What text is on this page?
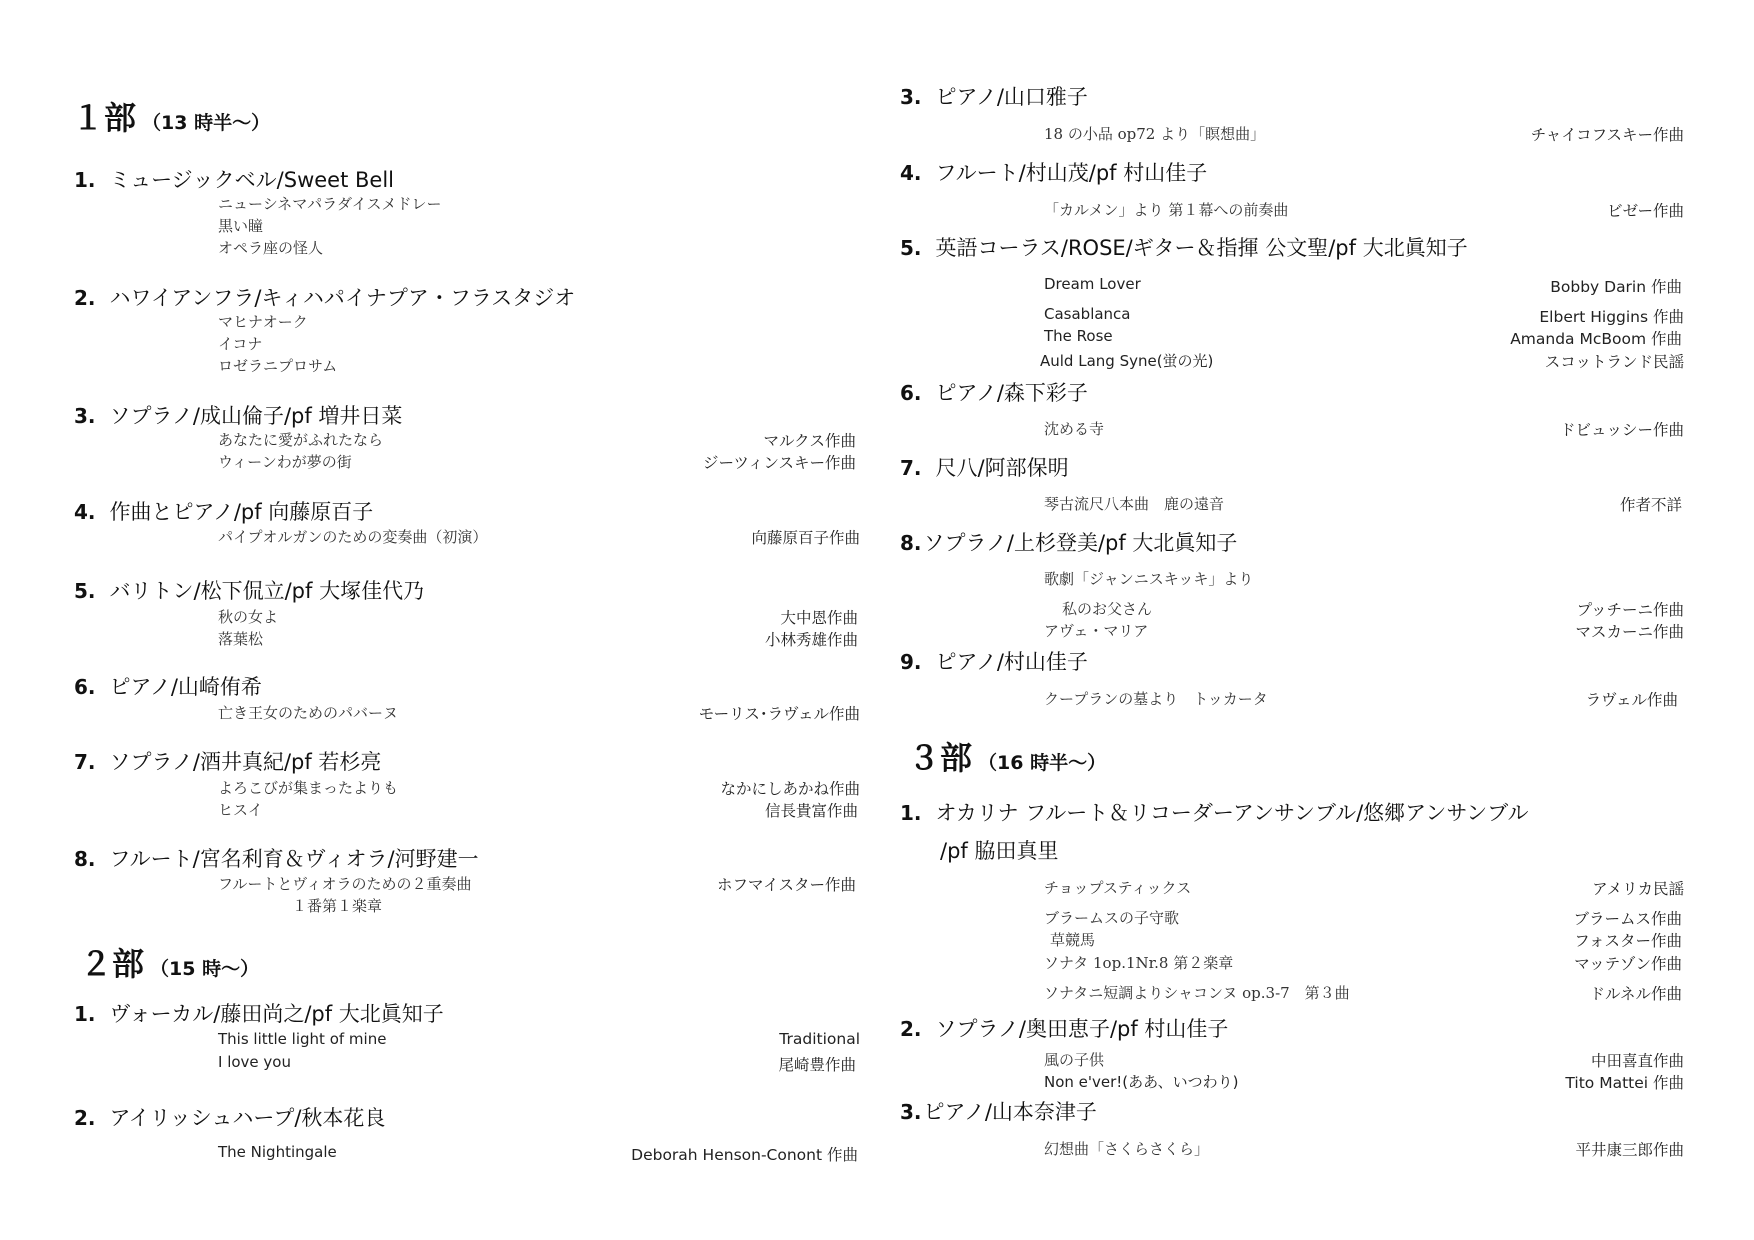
１部 （13 時半～）
1. ミュージックベル/Sweet Bell
ニューシネマパラダイスメドレー
黒い瞳
オペラ座の怪人
2. ハワイアンフラ/キィハパイナプア・フラスタジオ
マヒナオーク
イコナ
ロゼラニプロサム
3. ソプラノ/成山倫子/pf 増井日菜
あなたに愛がふれたなら	マルクス作曲
ウィーンわが夢の街	ジーツィンスキー作曲
4. 作曲とピアノ/pf 向藤原百子
パイプオルガンのための変奏曲（初演）	向藤原百子作曲
5. バリトン/松下侃立/pf 大塚佳代乃
秋の女よ	大中恩作曲
落葉松	小林秀雄作曲
6. ピアノ/山崎侑希
亡き王女のためのパバーヌ	モーリス･ラヴェル作曲
7. ソプラノ/酒井真紀/pf 若杉亮
よろこびが集まったよりも	なかにしあかね作曲
ヒスイ	信長貴富作曲
8. フルート/宮名利育＆ヴィオラ/河野建一
フルートとヴィオラのための２重奏曲	ホフマイスター作曲
１番第１楽章
２部 （15 時～）
1. ヴォーカル/藤田尚之/pf 大北眞知子
This little light of mine	Traditional
I love you	尾崎豊作曲
2. アイリッシュハープ/秋本花良
The Nightingale	Deborah Henson-Conont 作曲
3. ピアノ/山口雅子
18 の小品 op72 より「瞑想曲」	チャイコフスキー作曲
4. フルート/村山茂/pf 村山佳子
「カルメン」より 第１幕への前奏曲	ビゼー作曲
5. 英語コーラス/ROSE/ギター＆指揮 公文聖/pf 大北眞知子
Dream Lover	Bobby Darin 作曲
Casablanca	Elbert Higgins 作曲
The Rose	Amanda McBoom 作曲
Auld Lang Syne(蛍の光)	スコットランド民謡
6. ピアノ/森下彩子
沈める寺	ドビュッシー作曲
7. 尺八/阿部保明
琴古流尺八本曲　鹿の遠音	作者不詳
8.ソプラノ/上杉登美/pf 大北眞知子
歌劇「ジャンニスキッキ」より
私のお父さん	プッチーニ作曲
アヴェ・マリア	マスカーニ作曲
9. ピアノ/村山佳子
クープランの墓より　トッカータ	ラヴェル作曲
３部 （16 時半～）
1. オカリナ フルート＆リコーダーアンサンブル/悠郷アンサンブル
/pf 脇田真里
チョップスティックス	アメリカ民謡
ブラームスの子守歌	ブラームス作曲
草競馬	フォスター作曲
ソナタ 1op.1Nr.8 第２楽章	マッテゾン作曲
ソナタニ短調よりシャコンヌ op.3-7　第３曲	ドルネル作曲
2. ソプラノ/奥田恵子/pf 村山佳子
風の子供	中田喜直作曲
Non e'ver!(ああ、いつわり)	Tito Mattei 作曲
3.ピアノ/山本奈津子
幻想曲「さくらさくら」	平井康三郎作曲
